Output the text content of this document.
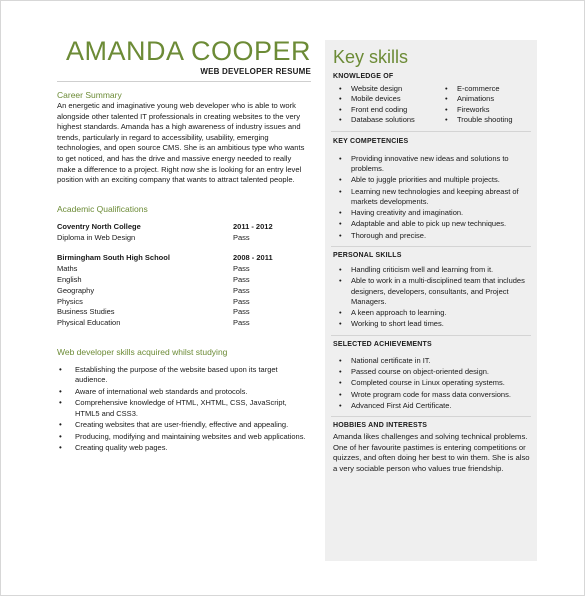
AMANDA COOPER
WEB DEVELOPER RESUME
Career Summary
An energetic and imaginative young web developer who is able to work alongside other talented IT professionals in creating websites to the very highest standards. Amanda has a high awareness of industry issues and trends, particularly in regard to accessibility, usability, emerging technologies, and open source CMS. She is an ambitious type who wants to get noticed, and has the drive and massive energy needed to really make a difference to a project. Right now she is looking for an entry level position with an exciting company that wants to attract talented people.
Academic Qualifications
Coventry North College	2011 - 2012
Diploma in Web Design	Pass
Birmingham South High School	2008 - 2011
Maths	Pass
English	Pass
Geography	Pass
Physics	Pass
Business Studies	Pass
Physical Education	Pass
Web developer skills acquired whilst studying
• Establishing the purpose of the website based upon its target audience.
• Aware of international web standards and protocols.
• Comprehensive knowledge of HTML, XHTML, CSS, JavaScript, HTML5 and CSS3.
• Creating websites that are user-friendly, effective and appealing.
• Producing, modifying and maintaining websites and web applications.
• Creating quality web pages.
Key skills
KNOWLEDGE OF
• Website design	• E-commerce
• Mobile devices	• Animations
• Front end coding	• Fireworks
• Database solutions	• Trouble shooting
KEY COMPETENCIES
• Providing innovative new ideas and solutions to problems.
• Able to juggle priorities and multiple projects.
• Learning new technologies and keeping abreast of markets developments.
• Having creativity and imagination.
• Adaptable and able to pick up new techniques.
• Thorough and precise.
PERSONAL SKILLS
• Handling criticism well and learning from it.
• Able to work in a multi-disciplined team that includes designers, developers, consultants, and Project Managers.
• A keen approach to learning.
• Working to short lead times.
SELECTED ACHIEVEMENTS
• National certificate in IT.
• Passed course on object-oriented design.
• Completed course in Linux operating systems.
• Wrote program code for mass data conversions.
• Advanced First Aid Certificate.
HOBBIES AND INTERESTS
Amanda likes challenges and solving technical problems. One of her favourite pastimes is entering competitions or quizzes, and often doing her best to win them. She is also a very sociable person who values true friendship.
